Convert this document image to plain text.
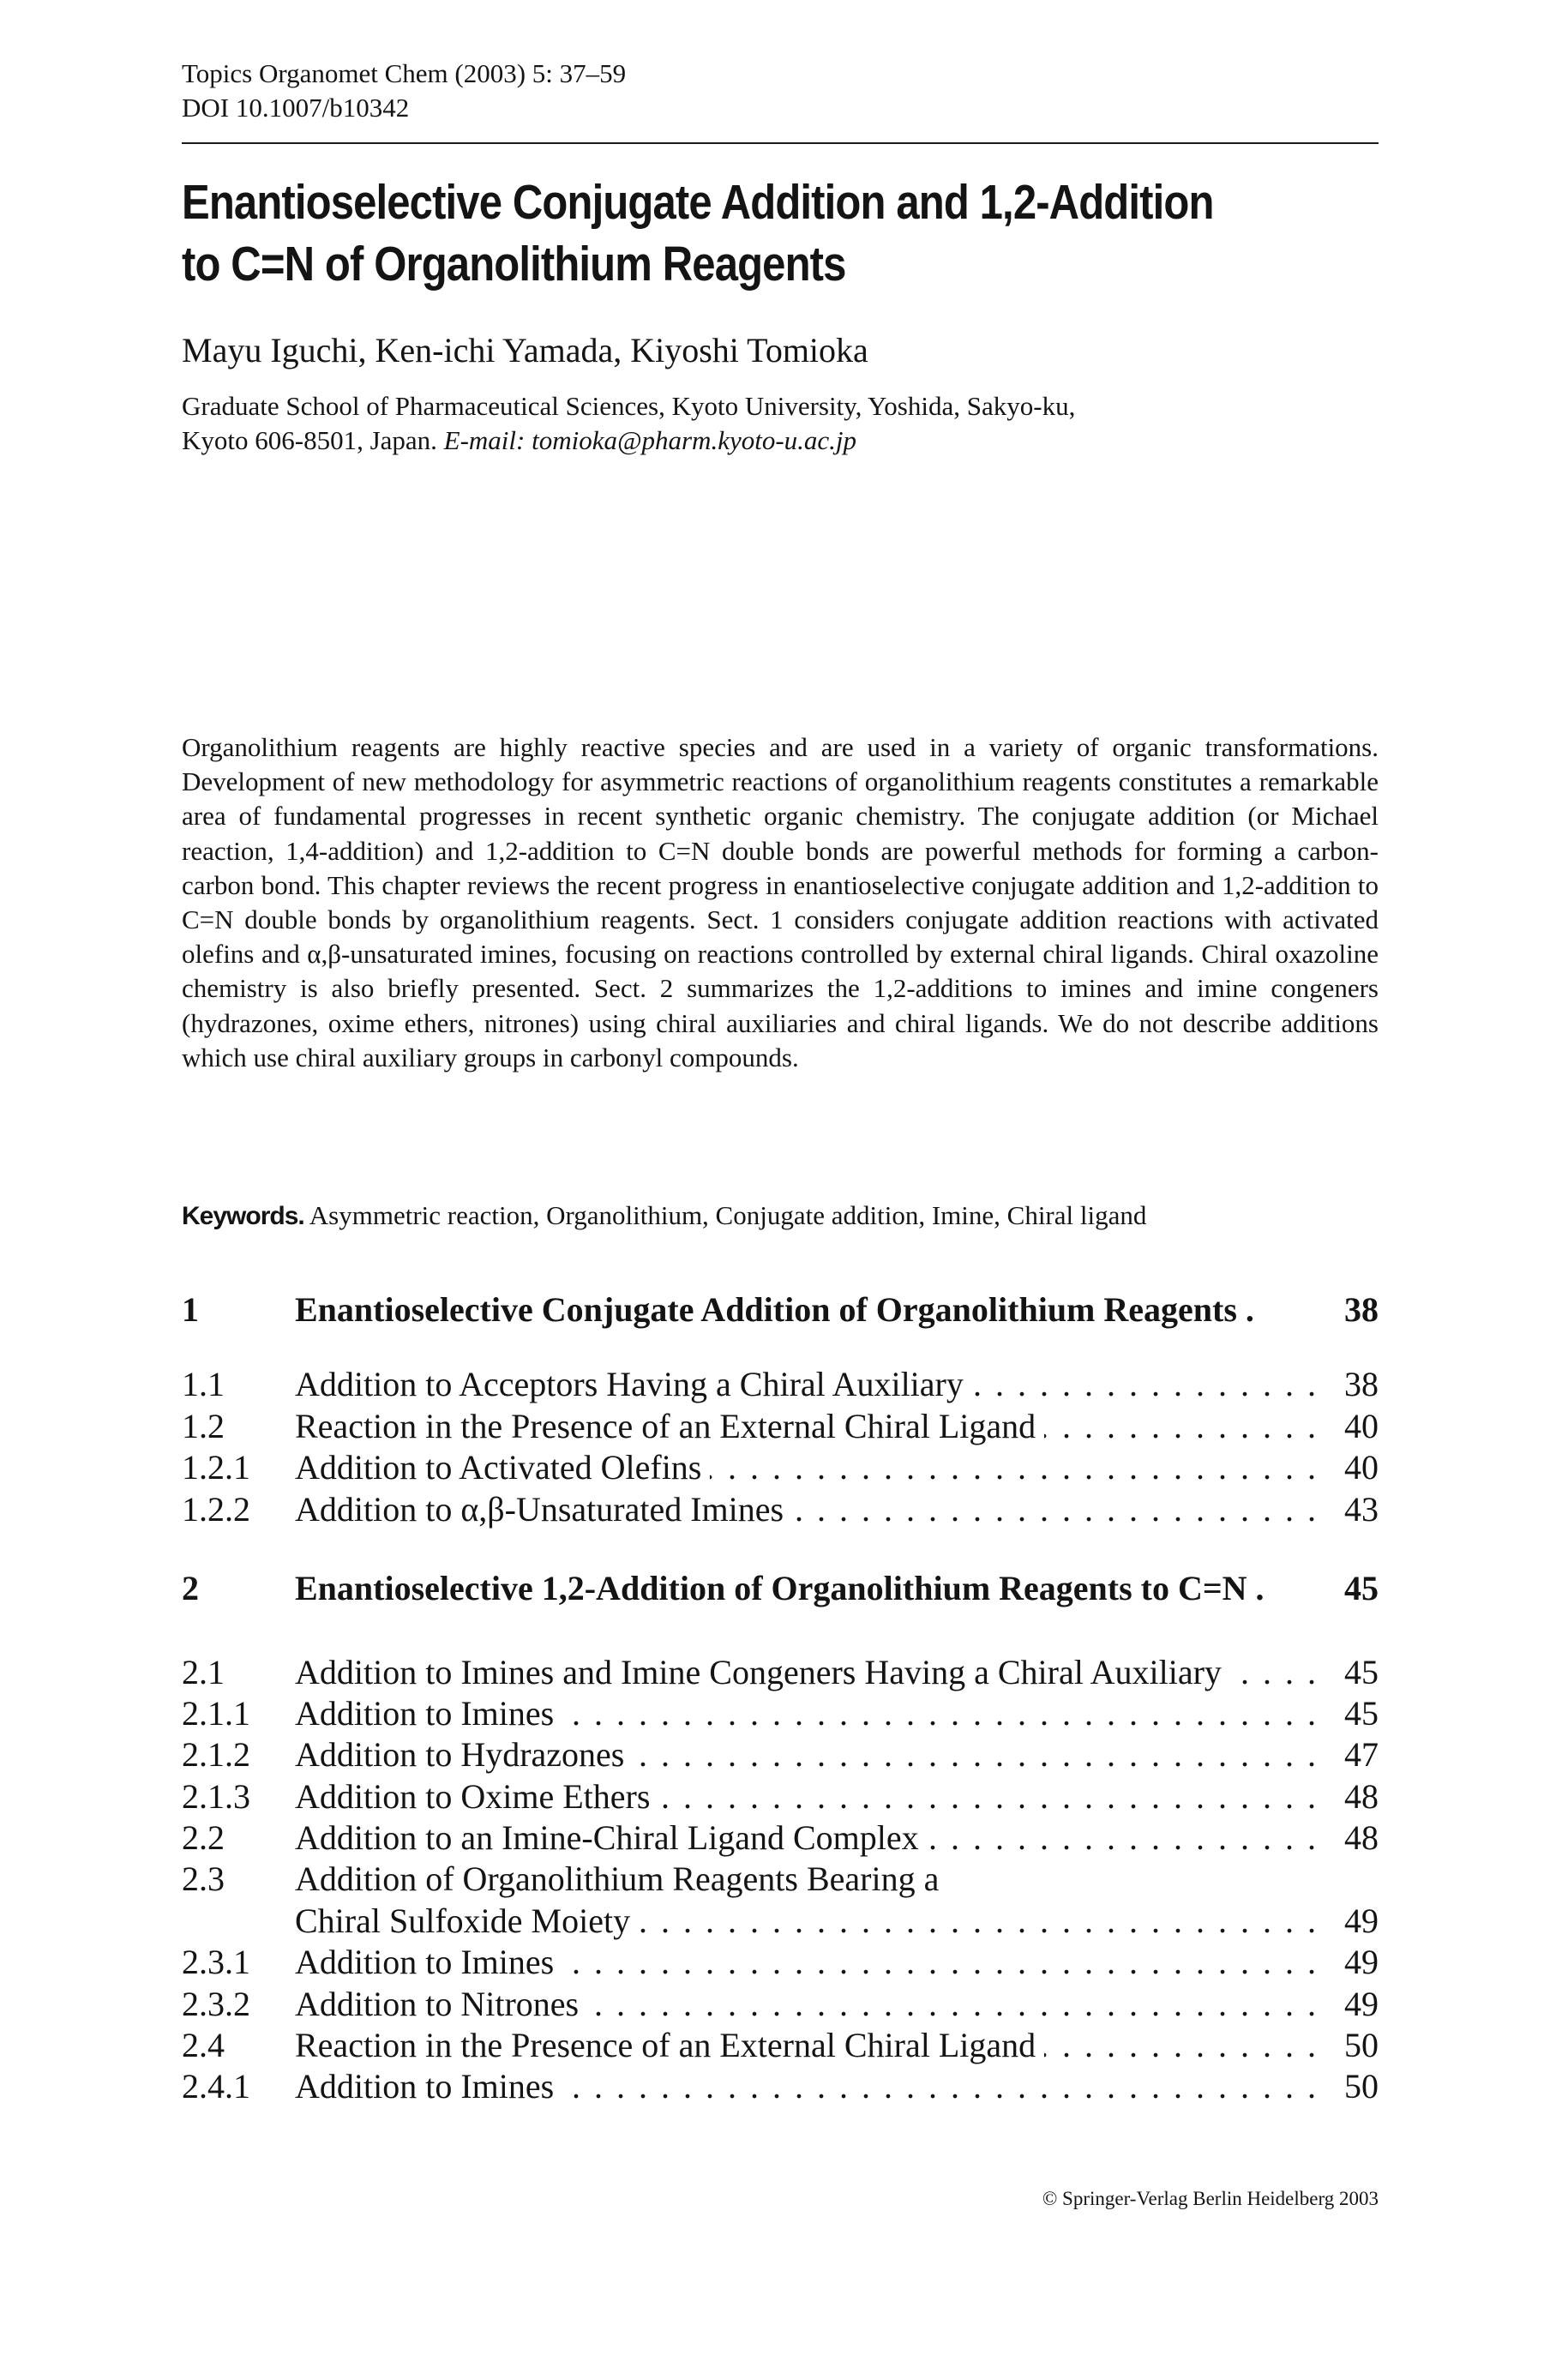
Topics Organomet Chem (2003) 5: 37–59
DOI 10.1007/b10342
Enantioselective Conjugate Addition and 1,2-Addition
to C=N of Organolithium Reagents
Mayu Iguchi, Ken-ichi Yamada, Kiyoshi Tomioka
Graduate School of Pharmaceutical Sciences, Kyoto University, Yoshida, Sakyo-ku,
Kyoto 606-8501, Japan. E-mail: tomioka@pharm.kyoto-u.ac.jp
Organolithium reagents are highly reactive species and are used in a variety of organic transformations. Development of new methodology for asymmetric reactions of organolithium reagents constitutes a remarkable area of fundamental progresses in recent synthetic organic chemistry. The conjugate addition (or Michael reaction, 1,4-addition) and 1,2-addition to C=N double bonds are powerful methods for forming a carbon-carbon bond. This chapter reviews the recent progress in enantioselective conjugate addition and 1,2-addition to C=N double bonds by organolithium reagents. Sect. 1 considers conjugate addition reactions with activated olefins and α,β-unsaturated imines, focusing on reactions controlled by external chiral ligands. Chiral oxazoline chemistry is also briefly presented. Sect. 2 summarizes the 1,2-additions to imines and imine congeners (hydrazones, oxime ethers, nitrones) using chiral auxiliaries and chiral ligands. We do not describe additions which use chiral auxiliary groups in carbonyl compounds.
Keywords. Asymmetric reaction, Organolithium, Conjugate addition, Imine, Chiral ligand
1	Enantioselective Conjugate Addition of Organolithium Reagents .	38
1.1 Addition to Acceptors Having a Chiral Auxiliary . . .	38
1.2 Reaction in the Presence of an External Chiral Ligand . . .	40
1.2.1 Addition to Activated Olefins . . .	40
1.2.2 Addition to α,β-Unsaturated Imines . . .	43
2	Enantioselective 1,2-Addition of Organolithium Reagents to C=N .	45
2.1 Addition to Imines and Imine Congeners Having a Chiral Auxiliary . . .	45
2.1.1 Addition to Imines . . .	45
2.1.2 Addition to Hydrazones . . .	47
2.1.3 Addition to Oxime Ethers . . .	48
2.2 Addition to an Imine-Chiral Ligand Complex . . .	48
2.3 Addition of Organolithium Reagents Bearing a
Chiral Sulfoxide Moiety . . .	49
2.3.1 Addition to Imines . . .	49
2.3.2 Addition to Nitrones . . .	49
2.4 Reaction in the Presence of an External Chiral Ligand . . .	50
2.4.1 Addition to Imines . . .	50
© Springer-Verlag Berlin Heidelberg 2003
